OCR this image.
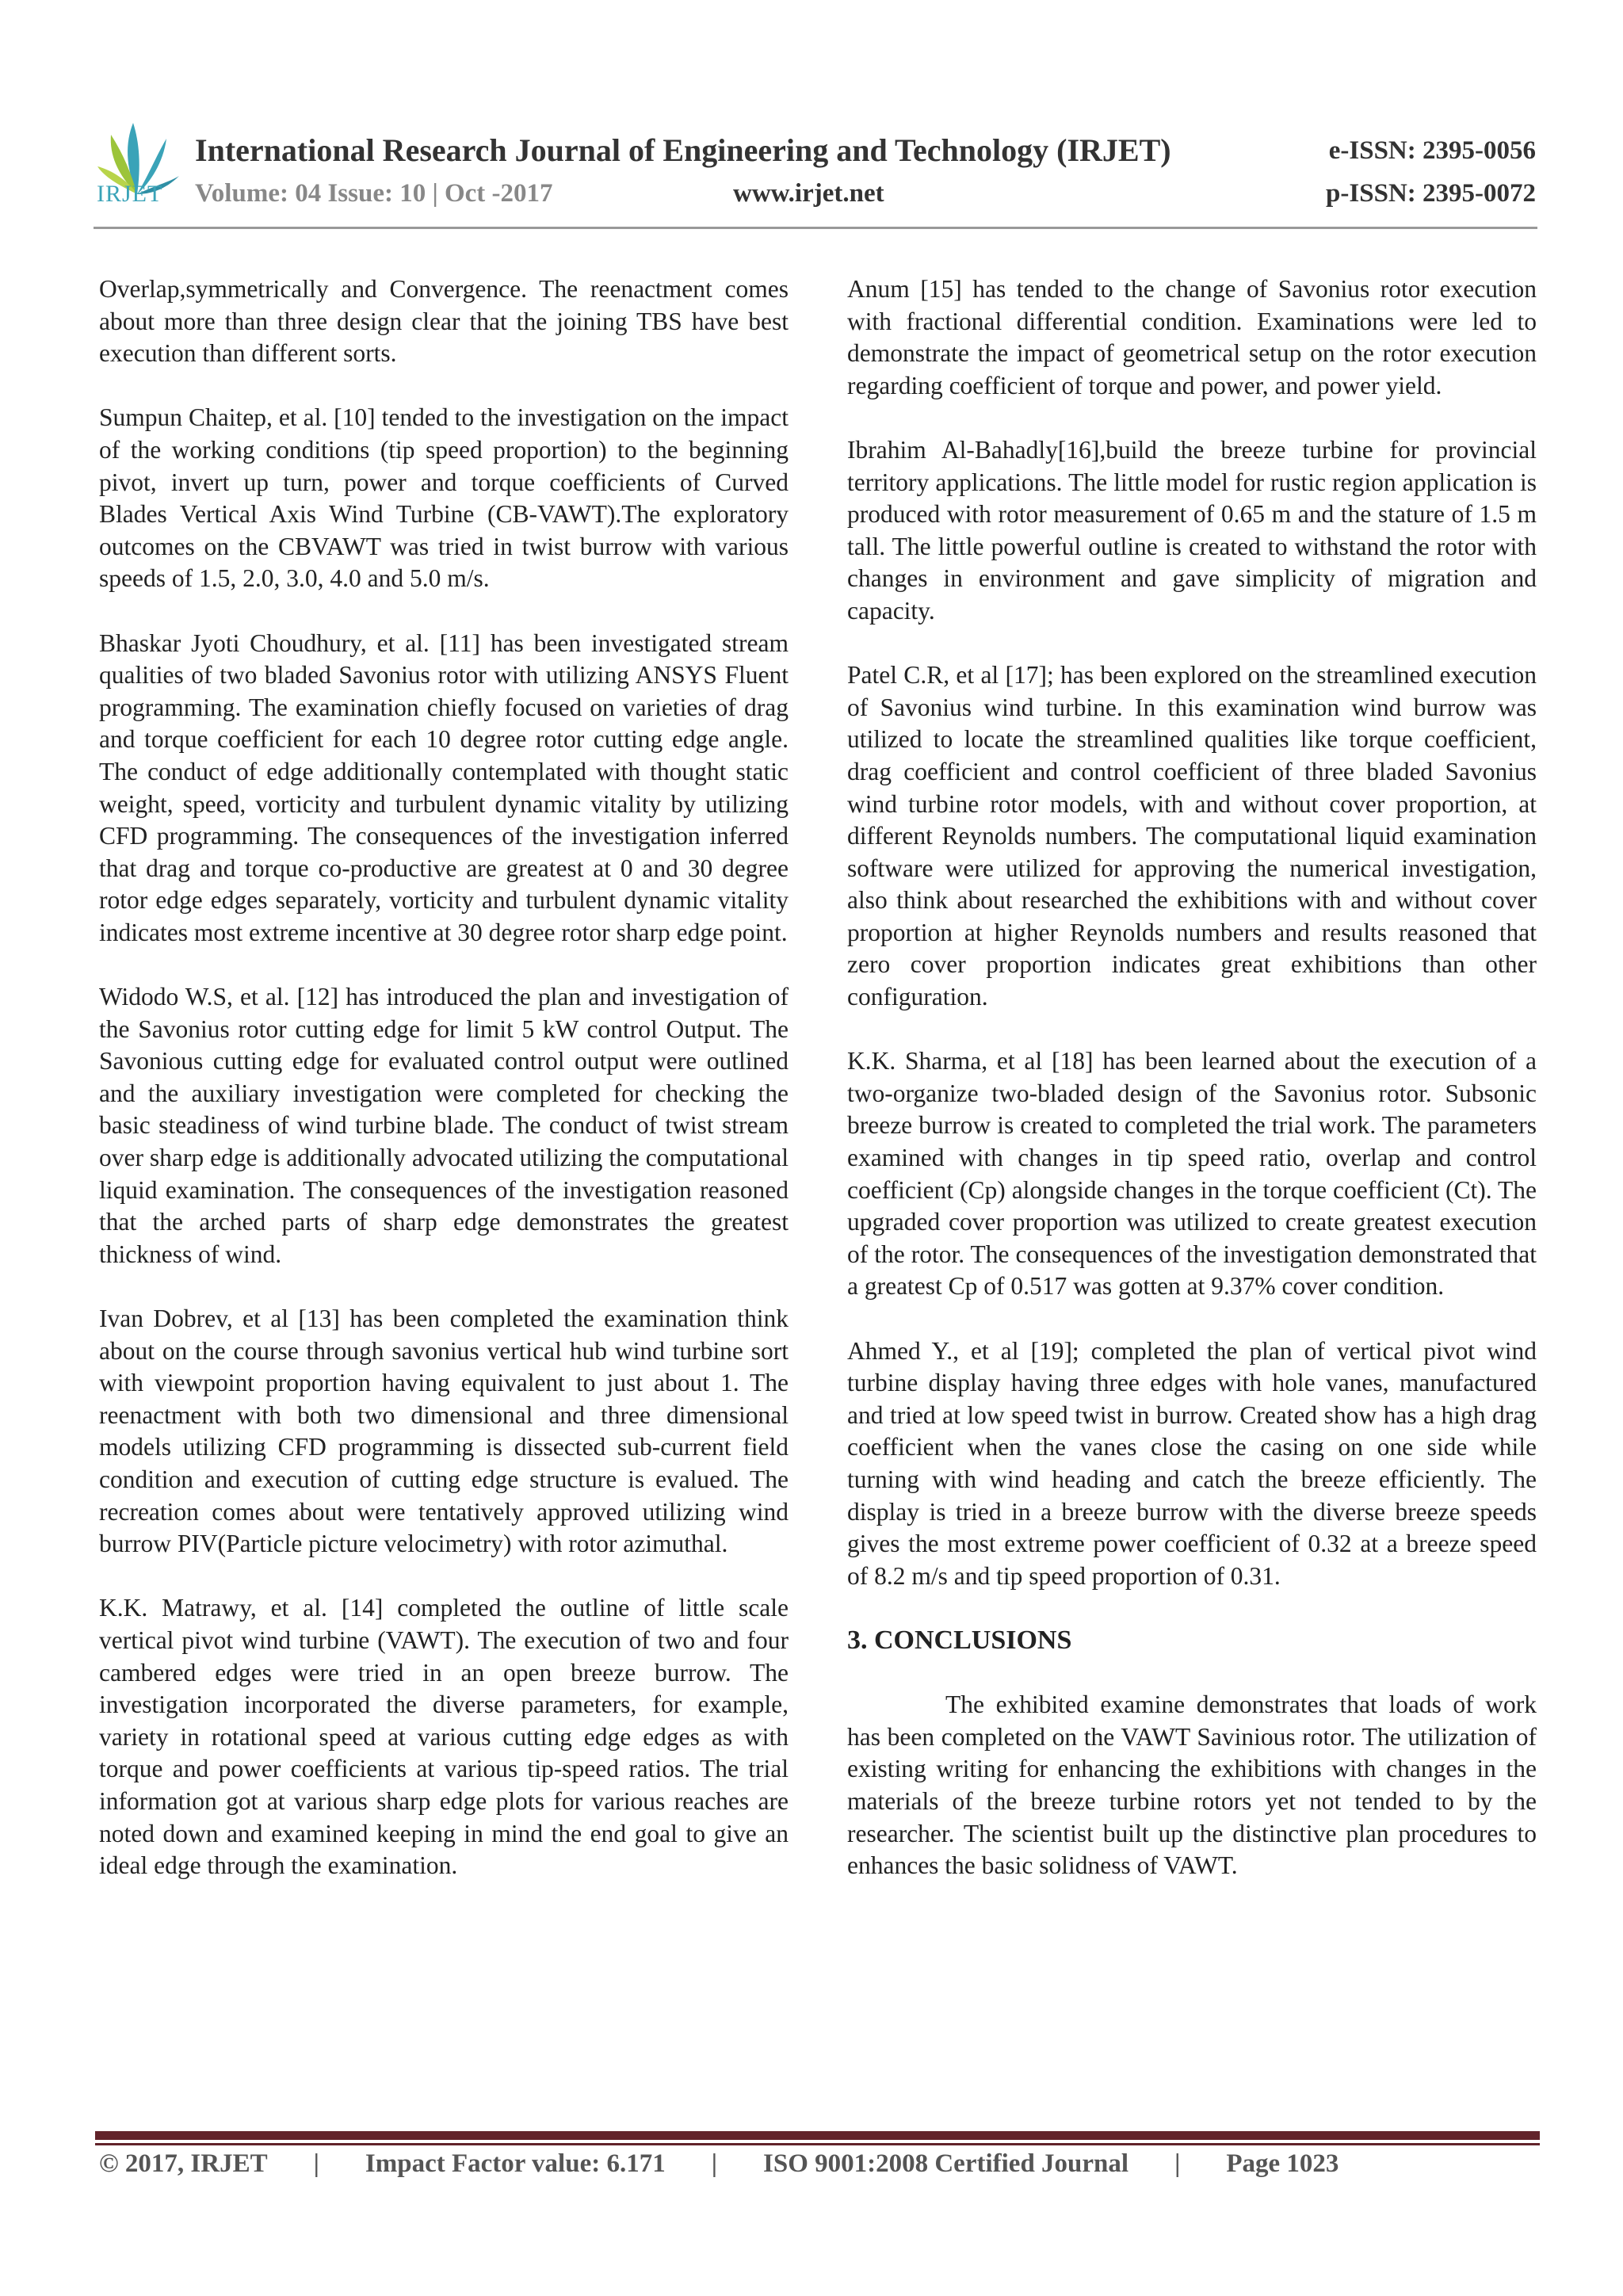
IRJET
International Research Journal of Engineering and Technology (IRJET)
Volume: 04 Issue: 10 | Oct -2017	www.irjet.net
e-ISSN: 2395-0056
p-ISSN: 2395-0072

Overlap,symmetrically and Convergence. The reenactment comes about more than three design clear that the joining TBS have best execution than different sorts.

Sumpun Chaitep, et al. [10] tended to the investigation on the impact of the working conditions (tip speed proportion) to the beginning pivot, invert up turn, power and torque coefficients of Curved Blades Vertical Axis Wind Turbine (CB-VAWT).The exploratory outcomes on the CBVAWT was tried in twist burrow with various speeds of 1.5, 2.0, 3.0, 4.0 and 5.0 m/s.

Bhaskar Jyoti Choudhury, et al. [11] has been investigated stream qualities of two bladed Savonius rotor with utilizing ANSYS Fluent programming. The examination chiefly focused on varieties of drag and torque coefficient for each 10 degree rotor cutting edge angle. The conduct of edge additionally contemplated with thought static weight, speed, vorticity and turbulent dynamic vitality by utilizing CFD programming. The consequences of the investigation inferred that drag and torque co-productive are greatest at 0 and 30 degree rotor edge edges separately, vorticity and turbulent dynamic vitality indicates most extreme incentive at 30 degree rotor sharp edge point.

Widodo W.S, et al. [12] has introduced the plan and investigation of the Savonius rotor cutting edge for limit 5 kW control Output. The Savonious cutting edge for evaluated control output were outlined and the auxiliary investigation were completed for checking the basic steadiness of wind turbine blade. The conduct of twist stream over sharp edge is additionally advocated utilizing the computational liquid examination. The consequences of the investigation reasoned that the arched parts of sharp edge demonstrates the greatest thickness of wind.

Ivan Dobrev, et al [13] has been completed the examination think about on the course through savonius vertical hub wind turbine sort with viewpoint proportion having equivalent to just about 1. The reenactment with both two dimensional and three dimensional models utilizing CFD programming is dissected sub-current field condition and execution of cutting edge structure is evalued. The recreation comes about were tentatively approved utilizing wind burrow PIV(Particle picture velocimetry) with rotor azimuthal.

K.K. Matrawy, et al. [14] completed the outline of little scale vertical pivot wind turbine (VAWT). The execution of two and four cambered edges were tried in an open breeze burrow. The investigation incorporated the diverse parameters, for example, variety in rotational speed at various cutting edge edges as with torque and power coefficients at various tip-speed ratios. The trial information got at various sharp edge plots for various reaches are noted down and examined keeping in mind the end goal to give an ideal edge through the examination.

Anum [15] has tended to the change of Savonius rotor execution with fractional differential condition. Examinations were led to demonstrate the impact of geometrical setup on the rotor execution regarding coefficient of torque and power, and power yield.

Ibrahim Al-Bahadly[16],build the breeze turbine for provincial territory applications. The little model for rustic region application is produced with rotor measurement of 0.65 m and the stature of 1.5 m tall. The little powerful outline is created to withstand the rotor with changes in environment and gave simplicity of migration and capacity.

Patel C.R, et al [17]; has been explored on the streamlined execution of Savonius wind turbine. In this examination wind burrow was utilized to locate the streamlined qualities like torque coefficient, drag coefficient and control coefficient of three bladed Savonius wind turbine rotor models, with and without cover proportion, at different Reynolds numbers. The computational liquid examination software were utilized for approving the numerical investigation, also think about researched the exhibitions with and without cover proportion at higher Reynolds numbers and results reasoned that zero cover proportion indicates great exhibitions than other configuration.

K.K. Sharma, et al [18] has been learned about the execution of a two-organize two-bladed design of the Savonius rotor. Subsonic breeze burrow is created to completed the trial work. The parameters examined with changes in tip speed ratio, overlap and control coefficient (Cp) alongside changes in the torque coefficient (Ct). The upgraded cover proportion was utilized to create greatest execution of the rotor. The consequences of the investigation demonstrated that a greatest Cp of 0.517 was gotten at 9.37% cover condition.

Ahmed Y., et al [19]; completed the plan of vertical pivot wind turbine display having three edges with hole vanes, manufactured and tried at low speed twist in burrow. Created show has a high drag coefficient when the vanes close the casing on one side while turning with wind heading and catch the breeze efficiently. The display is tried in a breeze burrow with the diverse breeze speeds gives the most extreme power coefficient of 0.32 at a breeze speed of 8.2 m/s and tip speed proportion of 0.31.

3. CONCLUSIONS

The exhibited examine demonstrates that loads of work has been completed on the VAWT Savinious rotor. The utilization of existing writing for enhancing the exhibitions with changes in the materials of the breeze turbine rotors yet not tended to by the researcher. The scientist built up the distinctive plan procedures to enhances the basic solidness of VAWT.

© 2017, IRJET | Impact Factor value: 6.171 | ISO 9001:2008 Certified Journal | Page 1023
